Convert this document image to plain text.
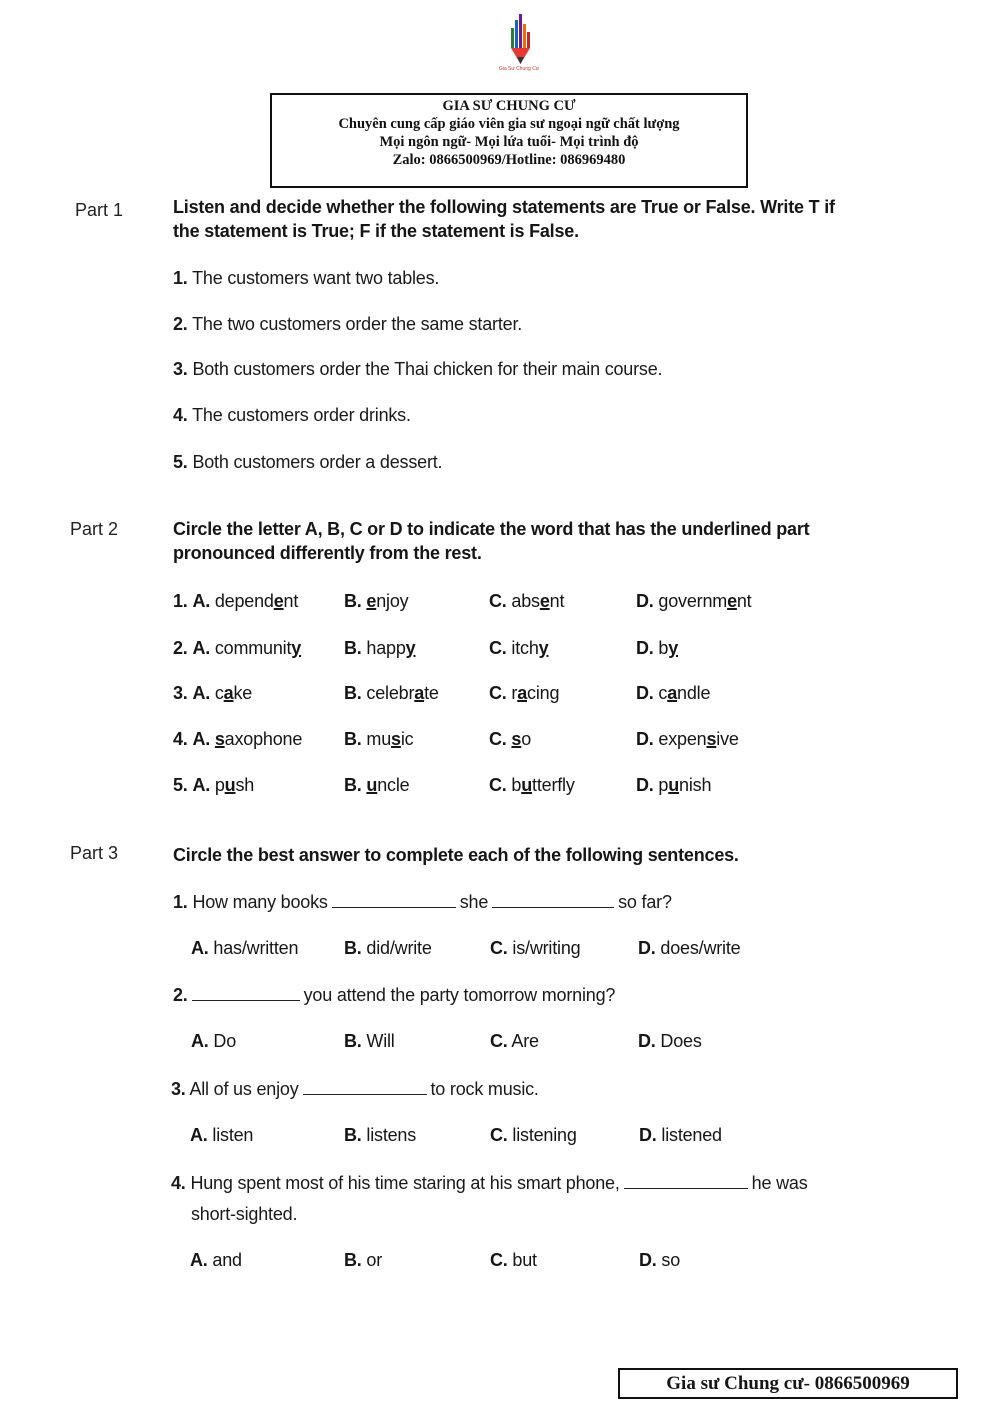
Gia Sư Chung Cư
GIA SƯ CHUNG CƯ
Chuyên cung cấp giáo viên gia sư ngoại ngữ chất lượng
Mọi ngôn ngữ- Mọi lứa tuổi- Mọi trình độ
Zalo: 0866500969/Hotline: 086969480
Part 1	Listen and decide whether the following statements are True or False. Write T if the statement is True; F if the statement is False.
1. The customers want two tables.
2. The two customers order the same starter.
3. Both customers order the Thai chicken for their main course.
4. The customers order drinks.
5. Both customers order a dessert.
Part 2	Circle the letter A, B, C or D to indicate the word that has the underlined part pronounced differently from the rest.
1. A. dependent	B. enjoy	C. absent	D. government
2. A. community B. happy	C. itchy	D. by
3. A. cake	B. celebrate	C. racing	D. candle
4. A. saxophone B. music	C. so	D. expensive
5. A. push	B. uncle	C. butterfly	D. punish
Part 3	Circle the best answer to complete each of the following sentences.
1. How many books	she	so far?
A. has/written	B. did/write	C. is/writing	D. does/write
2.	you attend the party tomorrow morning?
A. Do	B. Will	C. Are	D. Does
3. All of us enjoy	to rock music.
A. listen	B. listens	C. listening	D. listened
4. Hung spent most of his time staring at his smart phone,	he was
short-sighted.
A. and	B. or	C. but	D. so
Gia sư Chung cư- 0866500969
